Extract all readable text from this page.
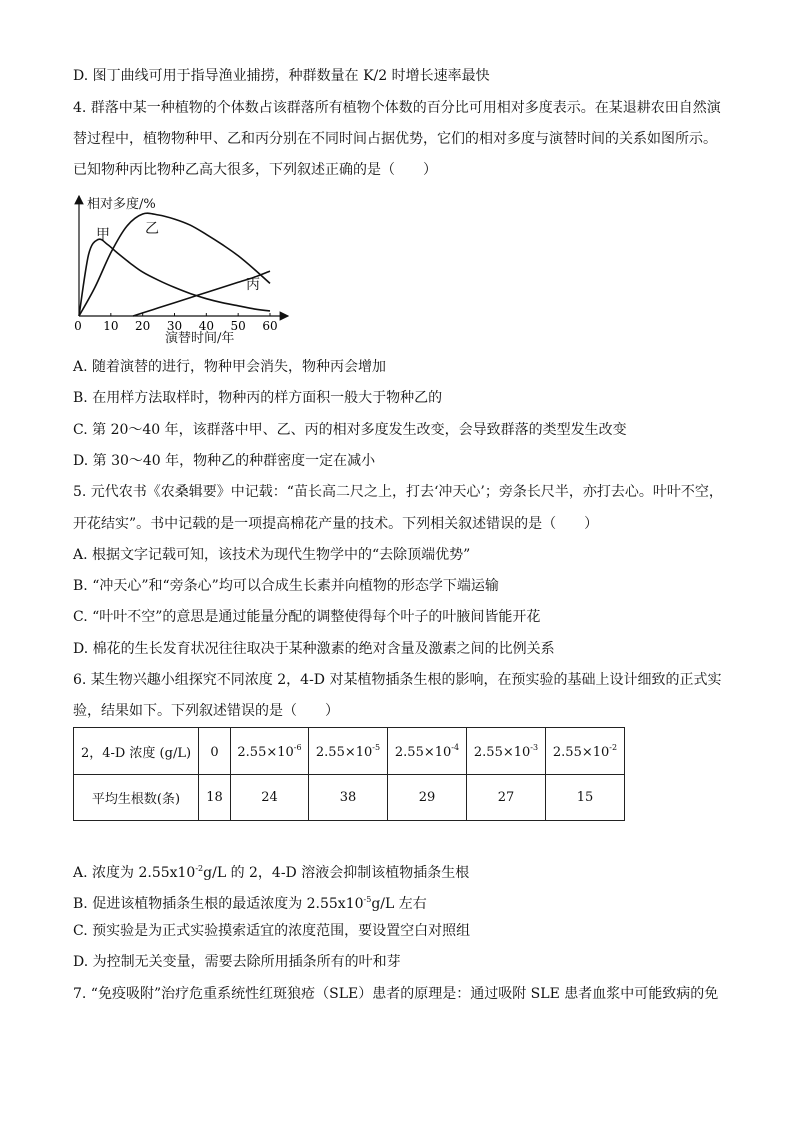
D. 图丁曲线可用于指导渔业捕捞，种群数量在 K/2 时增长速率最快
4. 群落中某一种植物的个体数占该群落所有植物个体数的百分比可用相对多度表示。在某退耕农田自然演
替过程中，植物物种甲、乙和丙分别在不同时间占据优势，它们的相对多度与演替时间的关系如图所示。
已知物种丙比物种乙高大很多，下列叙述正确的是（　　）
0 10 20 30 40 50 60
相对多度/%
演替时间/年
甲	乙
丙
A. 随着演替的进行，物种甲会消失，物种丙会增加
B. 在用样方法取样时，物种丙的样方面积一般大于物种乙的
C. 第 20～40 年，该群落中甲、乙、丙的相对多度发生改变，会导致群落的类型发生改变
D. 第 30～40 年，物种乙的种群密度一定在减小
5. 元代农书《农桑辑要》中记载：“苗长高二尺之上，打去‘冲天心’；旁条长尺半，亦打去心。叶叶不空，
开花结实”。书中记载的是一项提高棉花产量的技术。下列相关叙述错误的是（　　）
A. 根据文字记载可知，该技术为现代生物学中的“去除顶端优势”
B. “冲天心”和“旁条心”均可以合成生长素并向植物的形态学下端运输
C. “叶叶不空”的意思是通过能量分配的调整使得每个叶子的叶腋间皆能开花
D. 棉花的生长发育状况往往取决于某种激素的绝对含量及激素之间的比例关系
6. 某生物兴趣小组探究不同浓度 2，4-D 对某植物插条生根的影响，在预实验的基础上设计细致的正式实
验，结果如下。下列叙述错误的是（　　）
2，4-D 浓度 (g/L)	0	$2.55\times 10^{-6}$	$2.55\times 10^{-5}$	$2.55\times 10^{-4}$	$2.55\times 10^{-3}$	$2.55\times 10^{-2}$
平均生根数(条)	18	24	38	29	27	15
A. 浓度为 $2.55x10^{-2}g/L$ 的 2，4-D 溶液会抑制该植物插条生根
B. 促进该植物插条生根的最适浓度为 $2.55x10^{-5}g/L$ 左右
C. 预实验是为正式实验摸索适宜的浓度范围，要设置空白对照组
D. 为控制无关变量，需要去除所用插条所有的叶和芽
7. “免疫吸附”治疗危重系统性红斑狼疮（SLE）患者的原理是：通过吸附 SLE 患者血浆中可能致病的免
